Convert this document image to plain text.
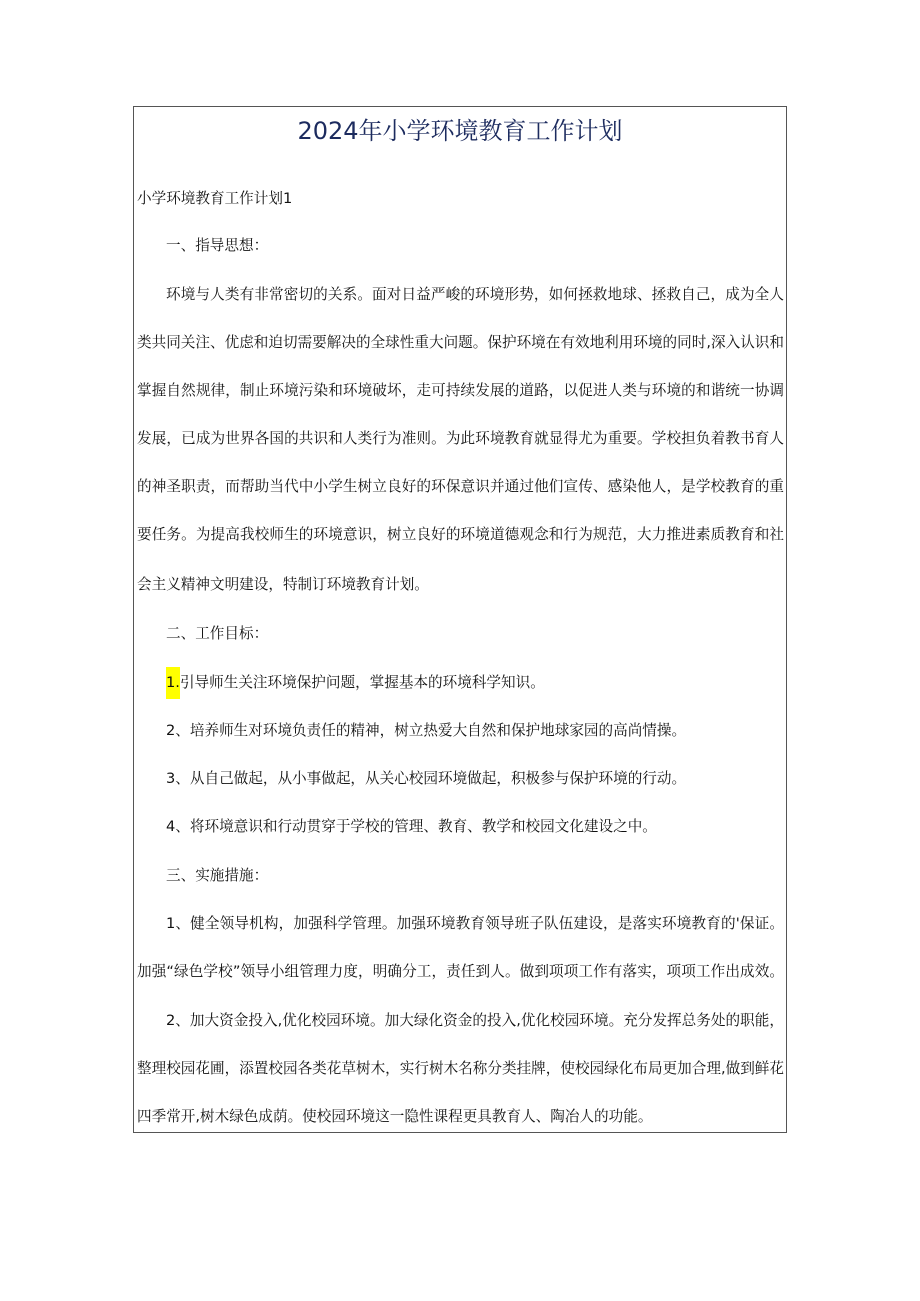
2024年小学环境教育工作计划
小学环境教育工作计划1
一、指导思想：
环境与人类有非常密切的关系。面对日益严峻的环境形势，如何拯救地球、拯救自己，成为全人
类共同关注、优虑和迫切需要解决的全球性重大问题。保护环境在有效地利用环境的同时,深入认识和
掌握自然规律，制止环境污染和环境破坏，走可持续发展的道路，以促进人类与环境的和谐统一协调
发展，已成为世界各国的共识和人类行为准则。为此环境教育就显得尤为重要。学校担负着教书育人
的神圣职责，而帮助当代中小学生树立良好的环保意识并通过他们宣传、感染他人，是学校教育的重
要任务。为提高我校师生的环境意识，树立良好的环境道德观念和行为规范，大力推进素质教育和社
会主义精神文明建设，特制订环境教育计划。
二、工作目标：
1.引导师生关注环境保护问题，掌握基本的环境科学知识。
2、培养师生对环境负责任的精神，树立热爱大自然和保护地球家园的高尚情操。
3、从自己做起，从小事做起，从关心校园环境做起，积极参与保护环境的行动。
4、将环境意识和行动贯穿于学校的管理、教育、教学和校园文化建设之中。
三、实施措施：
1、健全领导机构，加强科学管理。加强环境教育领导班子队伍建设，是落实环境教育的'保证。
加强“绿色学校”领导小组管理力度，明确分工，责任到人。做到项项工作有落实，项项工作出成效。
2、加大资金投入,优化校园环境。加大绿化资金的投入,优化校园环境。充分发挥总务处的职能，
整理校园花圃，添置校园各类花草树木，实行树木名称分类挂牌，使校园绿化布局更加合理,做到鲜花
四季常开,树木绿色成荫。使校园环境这一隐性课程更具教育人、陶冶人的功能。
